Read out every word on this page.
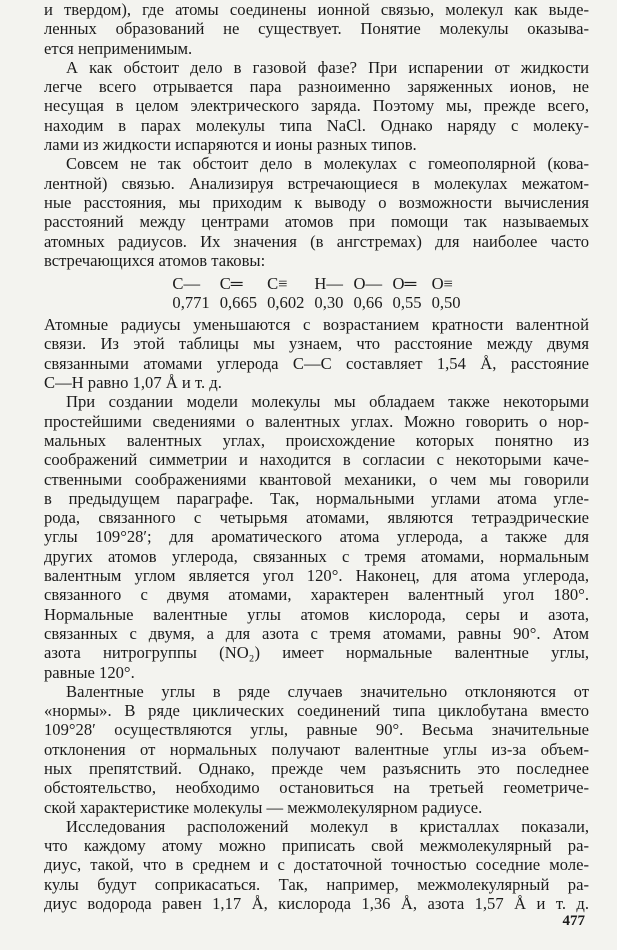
и твердом), где атомы соединены ионной связью, молекул как выде-
ленных образований не существует. Понятие молекулы оказыва-
ется неприменимым.
А как обстоит дело в газовой фазе? При испарении от жидкости
легче всего отрывается пара разноименно заряженных ионов, не
несущая в целом электрического заряда. Поэтому мы, прежде всего,
находим в парах молекулы типа NaCl. Однако наряду с молеку-
лами из жидкости испаряются и ионы разных типов.
Совсем не так обстоит дело в молекулах с гомеополярной (кова-
лентной) связью. Анализируя встречающиеся в молекулах межатом-
ные расстояния, мы приходим к выводу о возможности вычисления
расстояний между центрами атомов при помощи так называемых
атомных радиусов. Их значения (в ангстремах) для наиболее часто
встречающихся атомов таковы:
C—	C═	C≡	H—	O—	O═	O≡
0,771	0,665	0,602	0,30	0,66	0,55	0,50
Атомные радиусы уменьшаются с возрастанием кратности валентной
связи. Из этой таблицы мы узнаем, что расстояние между двумя
связанными атомами углерода С—С составляет 1,54 Å, расстояние
С—Н равно 1,07 Å и т. д.
При создании модели молекулы мы обладаем также некоторыми
простейшими сведениями о валентных углах. Можно говорить о нор-
мальных валентных углах, происхождение которых понятно из
соображений симметрии и находится в согласии с некоторыми каче-
ственными соображениями квантовой механики, о чем мы говорили
в предыдущем параграфе. Так, нормальными углами атома угле-
рода, связанного с четырьмя атомами, являются тетраэдрические
углы 109°28′; для ароматического атома углерода, а также для
других атомов углерода, связанных с тремя атомами, нормальным
валентным углом является угол 120°. Наконец, для атома углерода,
связанного с двумя атомами, характерен валентный угол 180°.
Нормальные валентные углы атомов кислорода, серы и азота,
связанных с двумя, а для азота с тремя атомами, равны 90°. Атом
азота нитрогруппы (NO₂) имеет нормальные валентные углы,
равные 120°.
Валентные углы в ряде случаев значительно отклоняются от
«нормы». В ряде циклических соединений типа циклобутана вместо
109°28′ осуществляются углы, равные 90°. Весьма значительные
отклонения от нормальных получают валентные углы из-за объем-
ных препятствий. Однако, прежде чем разъяснить это последнее
обстоятельство, необходимо остановиться на третьей геометриче-
ской характеристике молекулы — межмолекулярном радиусе.
Исследования расположений молекул в кристаллах показали,
что каждому атому можно приписать свой межмолекулярный ра-
диус, такой, что в среднем и с достаточной точностью соседние моле-
кулы будут соприкасаться. Так, например, межмолекулярный ра-
диус водорода равен 1,17 Å, кислорода 1,36 Å, азота 1,57 Å и т. д.
477
